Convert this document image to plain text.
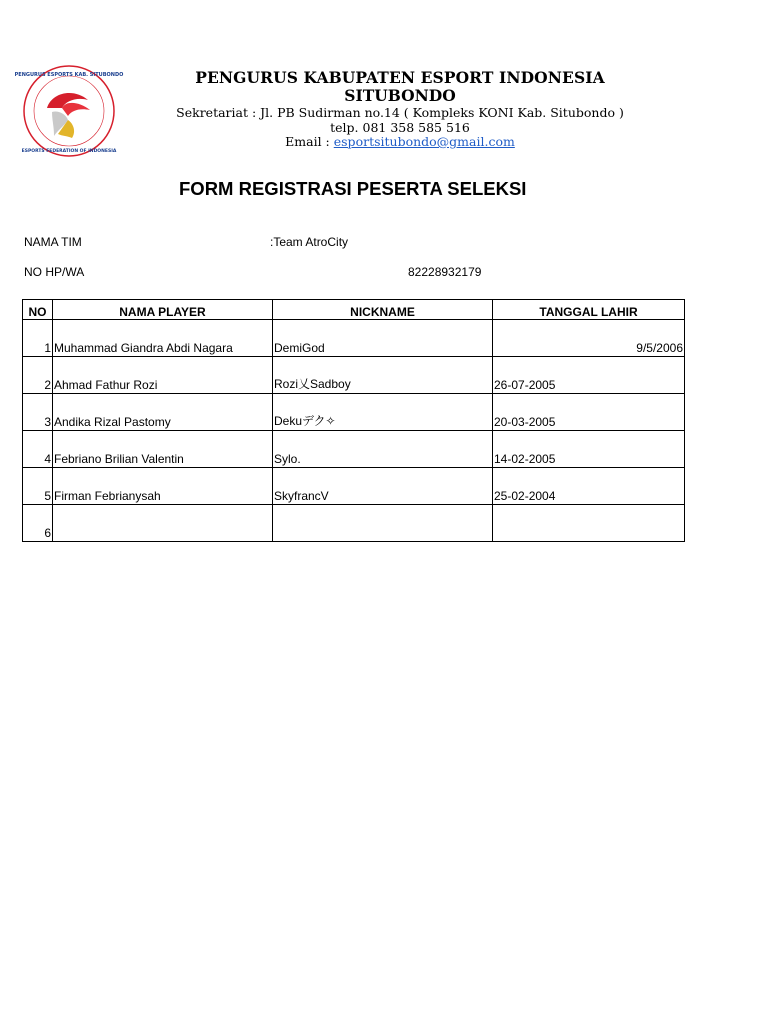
PENGURUS ESPORTS KAB. SITUBONDO
ESPORTS FEDERATION OF INDONESIA
PENGURUS KABUPATEN ESPORT INDONESIA
SITUBONDO
Sekretariat : Jl. PB Sudirman no.14 ( Kompleks KONI Kab. Situbondo )
telp. 081 358 585 516
Email : esportsitubondo@gmail.com
FORM REGISTRASI PESERTA SELEKSI
NAMA TIM	:Team AtroCity
NO HP/WA	82228932179
NO	NAMA PLAYER	NICKNAME	TANGGAL LAHIR
1	Muhammad Giandra Abdi Nagara	DemiGod	9/5/2006
2	Ahmad Fathur Rozi	Rozi乂Sadboy	26-07-2005
3	Andika Rizal Pastomy	Dekuデク✧	20-03-2005
4	Febriano Brilian Valentin	Sylo.	14-02-2005
5	Firman Febrianysah	SkyfrancV	25-02-2004
6			
